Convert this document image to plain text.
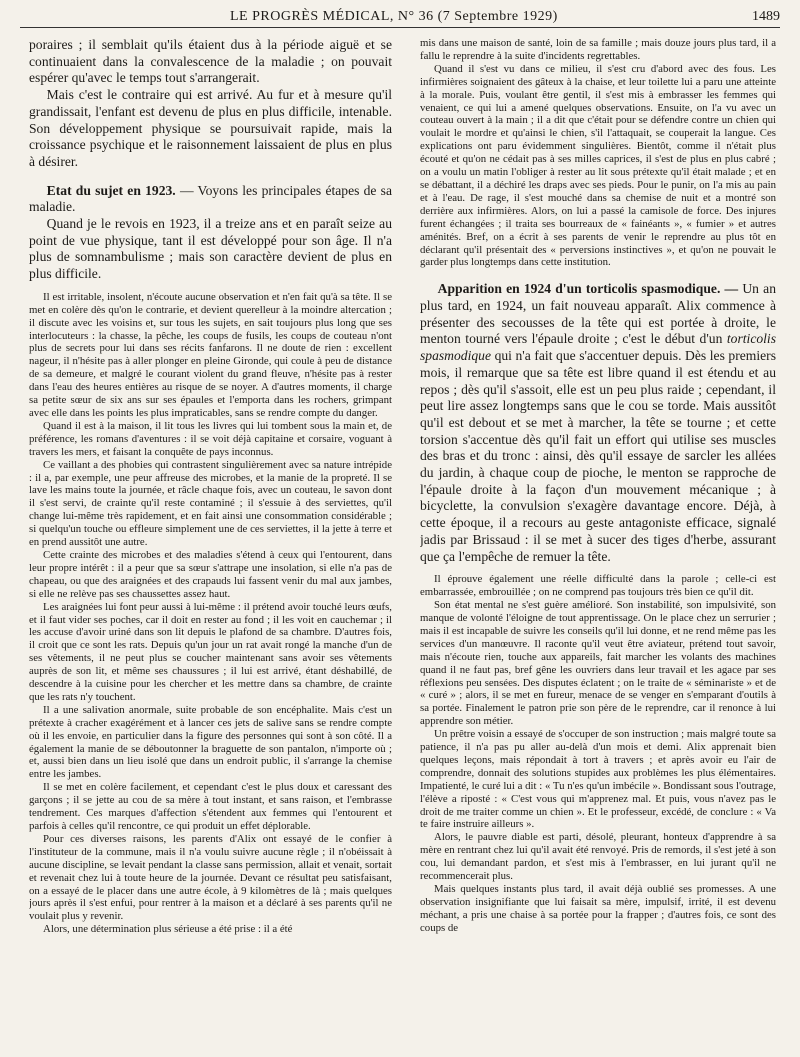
LE PROGRÈS MÉDICAL, N° 36 (7 Septembre 1929)	1489

poraires ; il semblait qu'ils étaient dus à la période aiguë et se continuaient dans la convalescence de la maladie ; on pouvait espérer qu'avec le temps tout s'arrangerait.

Mais c'est le contraire qui est arrivé. Au fur et à mesure qu'il grandissait, l'enfant est devenu de plus en plus difficile, intenable. Son développement physique se poursuivait rapide, mais la croissance psychique et le raisonnement laissaient de plus en plus à désirer.

Etat du sujet en 1923. — Voyons les principales étapes de sa maladie.

Quand je le revois en 1923, il a treize ans et en paraît seize au point de vue physique, tant il est développé pour son âge. Il n'a plus de somnambulisme ; mais son caractère devient de plus en plus difficile.

Il est irritable, insolent, n'écoute aucune observation et n'en fait qu'à sa tête. Il se met en colère dès qu'on le contrarie, et devient querelleur à la moindre altercation ; il discute avec les voisins et, sur tous les sujets, en sait toujours plus long que ses interlocuteurs : la chasse, la pêche, les coups de fusils, les coups de couteau n'ont plus de secrets pour lui dans ses récits fanfarons. Il ne doute de rien : excellent nageur, il n'hésite pas à aller plonger en pleine Gironde, qui coule à peu de distance de sa demeure, et malgré le courant violent du grand fleuve, n'hésite pas à rester dans l'eau des heures entières au risque de se noyer. A d'autres moments, il charge sa petite sœur de six ans sur ses épaules et l'emporta dans les rochers, grimpant avec elle dans les points les plus impraticables, sans se rendre compte du danger.

Quand il est à la maison, il lit tous les livres qui lui tombent sous la main et, de préférence, les romans d'aventures : il se voit déjà capitaine et corsaire, voguant à travers les mers, et faisant la conquête de pays inconnus.

Ce vaillant a des phobies qui contrastent singulièrement avec sa nature intrépide : il a, par exemple, une peur affreuse des microbes, et la manie de la propreté. Il se lave les mains toute la journée, et râcle chaque fois, avec un couteau, le savon dont il s'est servi, de crainte qu'il reste contaminé ; il s'essuie à des serviettes, qu'il change lui-même très rapidement, et en fait ainsi une consommation considérable ; si quelqu'un touche ou effleure simplement une de ces serviettes, il la jette à terre et en prend aussitôt une autre.

Cette crainte des microbes et des maladies s'étend à ceux qui l'entourent, dans leur propre intérêt : il a peur que sa sœur s'attrape une insolation, si elle n'a pas de chapeau, ou que des araignées et des crapauds lui fassent venir du mal aux jambes, si elle ne relève pas ses chaussettes assez haut.

Les araignées lui font peur aussi à lui-même : il prétend avoir touché leurs œufs, et il faut vider ses poches, car il doit en rester au fond ; il les voit en cauchemar ; il les accuse d'avoir uriné dans son lit depuis le plafond de sa chambre. D'autres fois, il croit que ce sont les rats. Depuis qu'un jour un rat avait rongé la manche d'un de ses vêtements, il ne peut plus se coucher maintenant sans avoir ses vêtements auprès de son lit, et même ses chaussures ; il lui est arrivé, étant déshabillé, de descendre à la cuisine pour les chercher et les mettre dans sa chambre, de crainte que les rats n'y touchent.

Il a une salivation anormale, suite probable de son encéphalite. Mais c'est un prétexte à cracher exagérément et à lancer ces jets de salive sans se rendre compte où il les envoie, en particulier dans la figure des personnes qui sont à son côté. Il a également la manie de se déboutonner la braguette de son pantalon, n'importe où ; et, aussi bien dans un lieu isolé que dans un endroit public, il s'arrange la chemise entre les jambes.

Il se met en colère facilement, et cependant c'est le plus doux et caressant des garçons ; il se jette au cou de sa mère à tout instant, et sans raison, et l'embrasse tendrement. Ces marques d'affection s'étendent aux femmes qui l'entourent et parfois à celles qu'il rencontre, ce qui produit un effet déplorable.

Pour ces diverses raisons, les parents d'Alix ont essayé de le confier à l'instituteur de la commune, mais il n'a voulu suivre aucune règle ; il n'obéissait à aucune discipline, se levait pendant la classe sans permission, allait et venait, sortait et revenait chez lui à toute heure de la journée. Devant ce résultat peu satisfaisant, on a essayé de le placer dans une autre école, à 9 kilomètres de là ; mais quelques jours après il s'est enfui, pour rentrer à la maison et a déclaré à ses parents qu'il ne voulait plus y revenir.

Alors, une détermination plus sérieuse a été prise : il a été

mis dans une maison de santé, loin de sa famille ; mais douze jours plus tard, il a fallu le reprendre à la suite d'incidents regrettables.

Quand il s'est vu dans ce milieu, il s'est cru d'abord avec des fous. Les infirmières soignaient des gâteux à la chaise, et leur toilette lui a paru une atteinte à la morale. Puis, voulant être gentil, il s'est mis à embrasser les femmes qui venaient, ce qui lui a amené quelques observations. Ensuite, on l'a vu avec un couteau ouvert à la main ; il a dit que c'était pour se défendre contre un chien qui voulait le mordre et qu'ainsi le chien, s'il l'attaquait, se couperait la langue. Ces explications ont paru évidemment singulières. Bientôt, comme il n'était plus écouté et qu'on ne cédait pas à ses milles caprices, il s'est de plus en plus cabré ; on a voulu un matin l'obliger à rester au lit sous prétexte qu'il était malade ; et en se débattant, il a déchiré les draps avec ses pieds. Pour le punir, on l'a mis au pain et à l'eau. De rage, il s'est mouché dans sa chemise de nuit et a montré son derrière aux infirmières. Alors, on lui a passé la camisole de force. Des injures furent échangées ; il traita ses bourreaux de « fainéants », « fumier » et autres aménités. Bref, on a écrit à ses parents de venir le reprendre au plus tôt en déclarant qu'il présentait des « perversions instinctives », et qu'on ne pouvait le garder plus longtemps dans cette institution.

Apparition en 1924 d'un torticolis spasmodique. — Un an plus tard, en 1924, un fait nouveau apparaît. Alix commence à présenter des secousses de la tête qui est portée à droite, le menton tourné vers l'épaule droite ; c'est le début d'un torticolis spasmodique qui n'a fait que s'accentuer depuis. Dès les premiers mois, il remarque que sa tête est libre quand il est étendu et au repos ; dès qu'il s'assoit, elle est un peu plus raide ; cependant, il peut lire assez longtemps sans que le cou se torde. Mais aussitôt qu'il est debout et se met à marcher, la tête se tourne ; et cette torsion s'accentue dès qu'il fait un effort qui utilise ses muscles des bras et du tronc : ainsi, dès qu'il essaye de sarcler les allées du jardin, à chaque coup de pioche, le menton se rapproche de l'épaule droite à la façon d'un mouvement mécanique ; à bicyclette, la convulsion s'exagère davantage encore. Déjà, à cette époque, il a recours au geste antagoniste efficace, signalé jadis par Brissaud : il se met à sucer des tiges d'herbe, assurant que ça l'empêche de remuer la tête.

Il éprouve également une réelle difficulté dans la parole ; celle-ci est embarrassée, embrouillée ; on ne comprend pas toujours très bien ce qu'il dit.

Son état mental ne s'est guère amélioré. Son instabilité, son impulsivité, son manque de volonté l'éloigne de tout apprentissage. On le place chez un serrurier ; mais il est incapable de suivre les conseils qu'il lui donne, et ne rend même pas les services d'un manœuvre. Il raconte qu'il veut être aviateur, prétend tout savoir, mais n'écoute rien, touche aux appareils, fait marcher les volants des machines quand il ne faut pas, bref gêne les ouvriers dans leur travail et les agace par ses réflexions peu sensées. Des disputes éclatent ; on le traite de « séminariste » et de « curé » ; alors, il se met en fureur, menace de se venger en s'emparant d'outils à sa portée. Finalement le patron prie son père de le reprendre, car il renonce à lui apprendre son métier.

Un prêtre voisin a essayé de s'occuper de son instruction ; mais malgré toute sa patience, il n'a pas pu aller au-delà d'un mois et demi. Alix apprenait bien quelques leçons, mais répondait à tort à travers ; et après avoir eu l'air de comprendre, donnait des solutions stupides aux problèmes les plus élémentaires. Impatienté, le curé lui a dit : « Tu n'es qu'un imbécile ». Bondissant sous l'outrage, l'élève a riposté : « C'est vous qui m'apprenez mal. Et puis, vous n'avez pas le droit de me traiter comme un chien ». Et le professeur, excédé, de conclure : « Va te faire instruire ailleurs ».

Alors, le pauvre diable est parti, désolé, pleurant, honteux d'apprendre à sa mère en rentrant chez lui qu'il avait été renvoyé. Pris de remords, il s'est jeté à son cou, lui demandant pardon, et s'est mis à l'embrasser, en lui jurant qu'il ne recommencerait plus.

Mais quelques instants plus tard, il avait déjà oublié ses promesses. A une observation insignifiante que lui faisait sa mère, impulsif, irrité, il est devenu méchant, a pris une chaise à sa portée pour la frapper ; d'autres fois, ce sont des coups de
